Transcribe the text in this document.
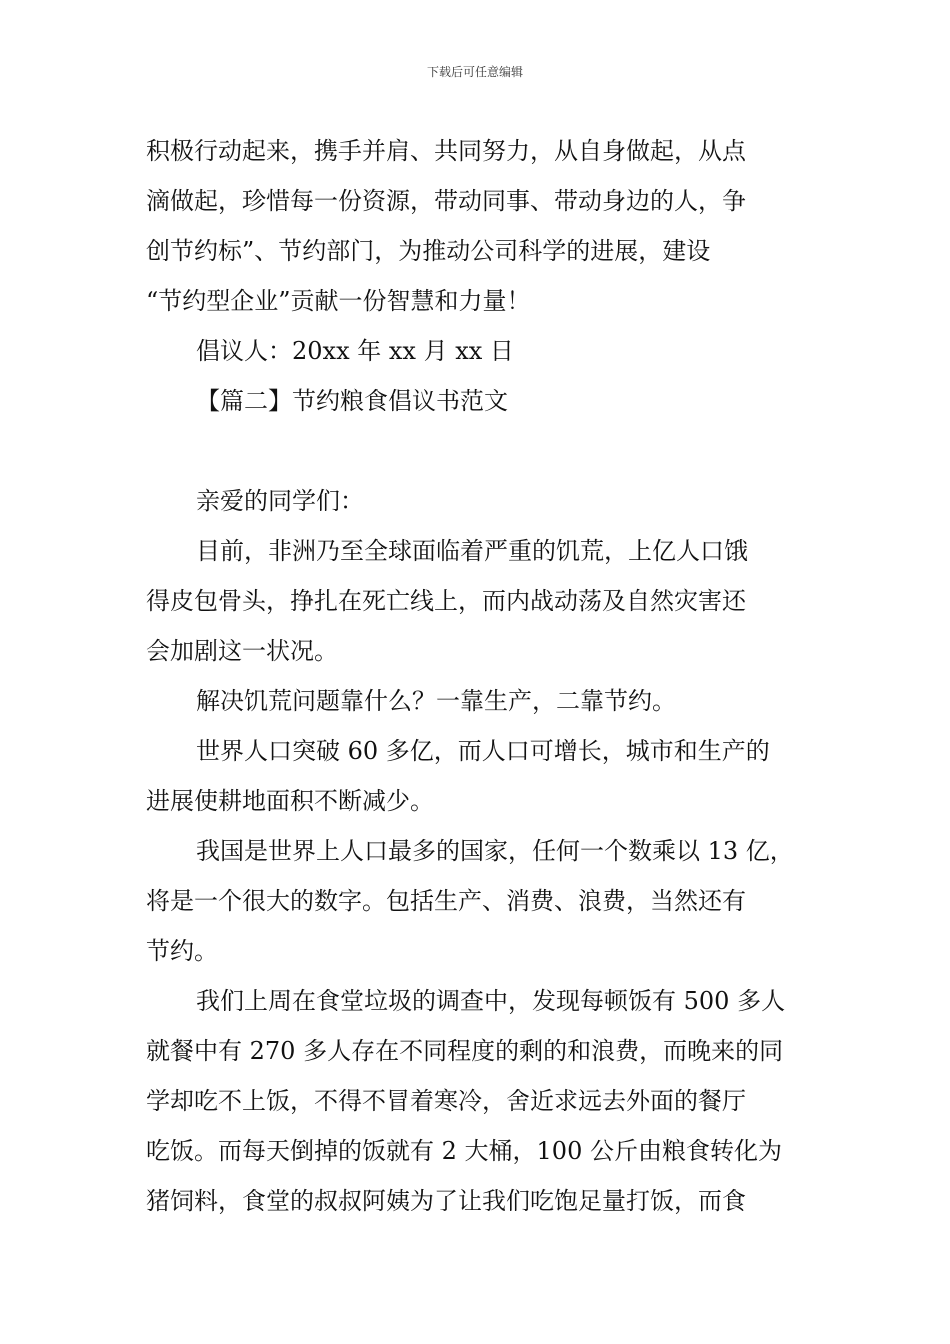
下载后可任意编辑
积极行动起来，携手并肩、共同努力，从自身做起，从点
滴做起，珍惜每一份资源，带动同事、带动身边的人，争
创节约标”、节约部门，为推动公司科学的进展，建设
“节约型企业”贡献一份智慧和力量！
倡议人：20xx 年 xx 月 xx 日
【篇二】节约粮食倡议书范文
亲爱的同学们：
目前，非洲乃至全球面临着严重的饥荒，上亿人口饿
得皮包骨头，挣扎在死亡线上，而内战动荡及自然灾害还
会加剧这一状况。
解决饥荒问题靠什么？一靠生产，二靠节约。
世界人口突破 60 多亿，而人口可增长，城市和生产的
进展使耕地面积不断减少。
我国是世界上人口最多的国家，任何一个数乘以 13 亿，
将是一个很大的数字。包括生产、消费、浪费，当然还有
节约。
我们上周在食堂垃圾的调查中，发现每顿饭有 500 多人
就餐中有 270 多人存在不同程度的剩的和浪费，而晚来的同
学却吃不上饭，不得不冒着寒冷，舍近求远去外面的餐厅
吃饭。而每天倒掉的饭就有 2 大桶，100 公斤由粮食转化为
猪饲料，食堂的叔叔阿姨为了让我们吃饱足量打饭，而食
